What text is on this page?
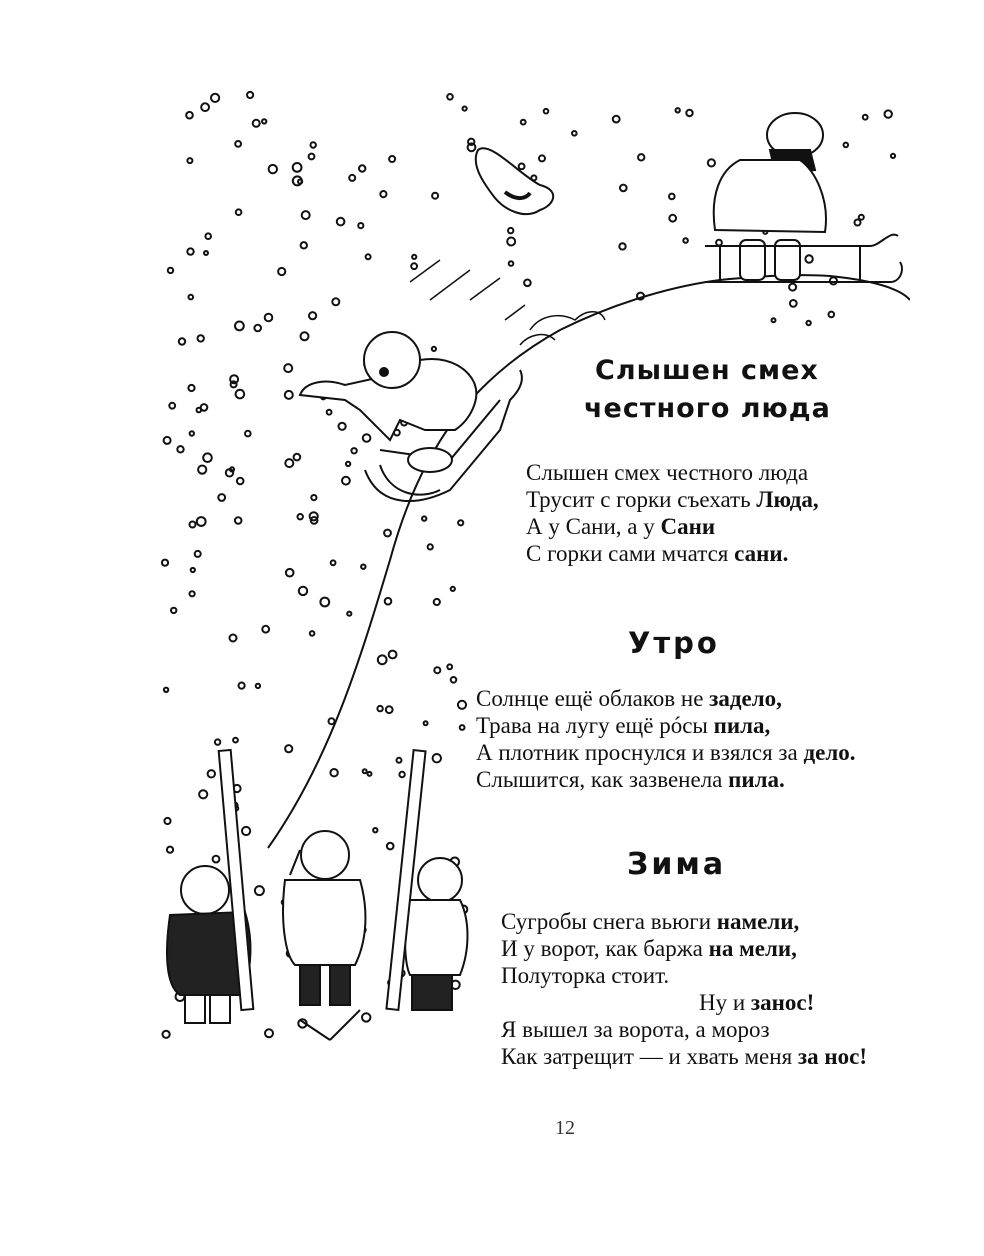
Слышен смех
честного люда
Слышен смех честного люда
Трусит с горки съехать Люда,
А у Сани, а у Сани
С горки сами мчатся сани.
Утро
Солнце ещё облаков не задело,
Трава на лугу ещё рóсы пила,
А плотник проснулся и взялся за дело.
Слышится, как зазвенела пила.
Зима
Сугробы снега вьюги намели,
И у ворот, как баржа на мели,
Полуторка стоит.
Ну и занос!
Я вышел за ворота, а мороз
Как затрещит — и хвать меня за нос!
12
